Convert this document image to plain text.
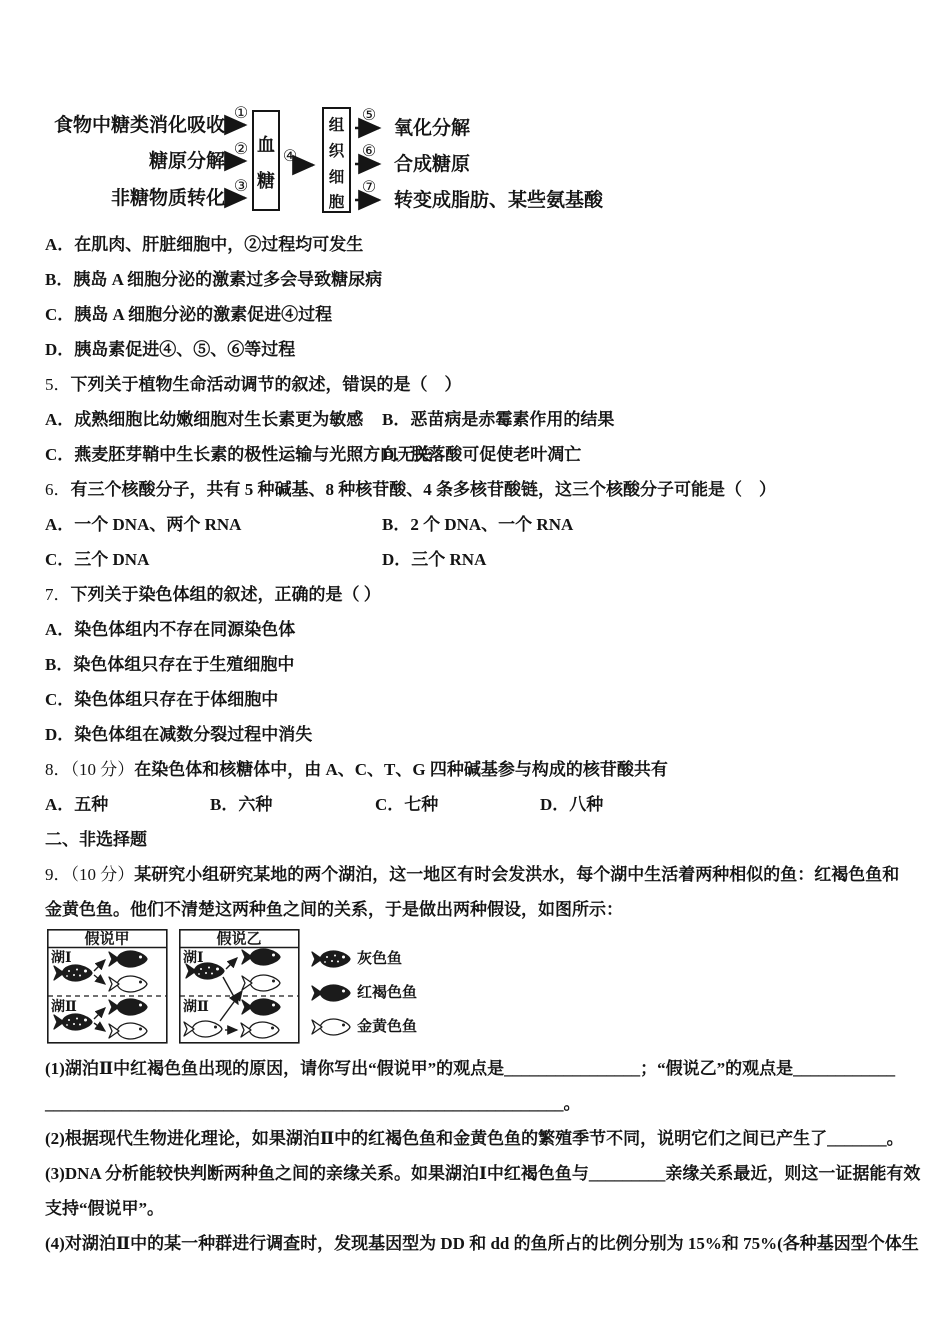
食物中糖类消化吸收
糖原分解
非糖物质转化
①
②
③
血
糖
④
组
织
细
胞
⑤
⑥
⑦
氧化分解
合成糖原
转变成脂肪、某些氨基酸
A．在肌肉、肝脏细胞中，②过程均可发生
B．胰岛 A 细胞分泌的激素过多会导致糖尿病
C．胰岛 A 细胞分泌的激素促进④过程
D．胰岛素促进④、⑤、⑥等过程
5．下列关于植物生命活动调节的叙述，错误的是（　）
A．成熟细胞比幼嫩细胞对生长素更为敏感 B．恶苗病是赤霉素作用的结果
C．燕麦胚芽鞘中生长素的极性运输与光照方向无关D．脱落酸可促使老叶凋亡
6．有三个核酸分子，共有 5 种碱基、8 种核苷酸、4 条多核苷酸链，这三个核酸分子可能是（　）
A．一个 DNA、两个 RNA	B．2 个 DNA、一个 RNA
C．三个 DNA	D．三个 RNA
7．下列关于染色体组的叙述，正确的是（ ）
A．染色体组内不存在同源染色体
B．染色体组只存在于生殖细胞中
C．染色体组只存在于体细胞中
D．染色体组在减数分裂过程中消失
8．（10 分）在染色体和核糖体中，由 A、C、T、G 四种碱基参与构成的核苷酸共有
A．五种	B．六种	C．七种	D．八种
二、非选择题
9．（10 分）某研究小组研究某地的两个湖泊，这一地区有时会发洪水，每个湖中生活着两种相似的鱼：红褐色鱼和
金黄色鱼。他们不清楚这两种鱼之间的关系，于是做出两种假设，如图所示：
假说甲
湖Ⅰ
湖Ⅱ
假说乙
湖Ⅰ
湖Ⅱ
灰色鱼
红褐色鱼
金黄色鱼
(1)湖泊Ⅱ中红褐色鱼出现的原因，请你写出“假说甲”的观点是________________；“假说乙”的观点是____________
_____________________________________________________________。
(2)根据现代生物进化理论，如果湖泊Ⅱ中的红褐色鱼和金黄色鱼的繁殖季节不同，说明它们之间已产生了_______。
(3)DNA 分析能较快判断两种鱼之间的亲缘关系。如果湖泊Ⅰ中红褐色鱼与_________亲缘关系最近，则这一证据能有效
支持“假说甲”。
(4)对湖泊Ⅱ中的某一种群进行调查时，发现基因型为 DD 和 dd 的鱼所占的比例分别为 15%和 75%(各种基因型个体生
